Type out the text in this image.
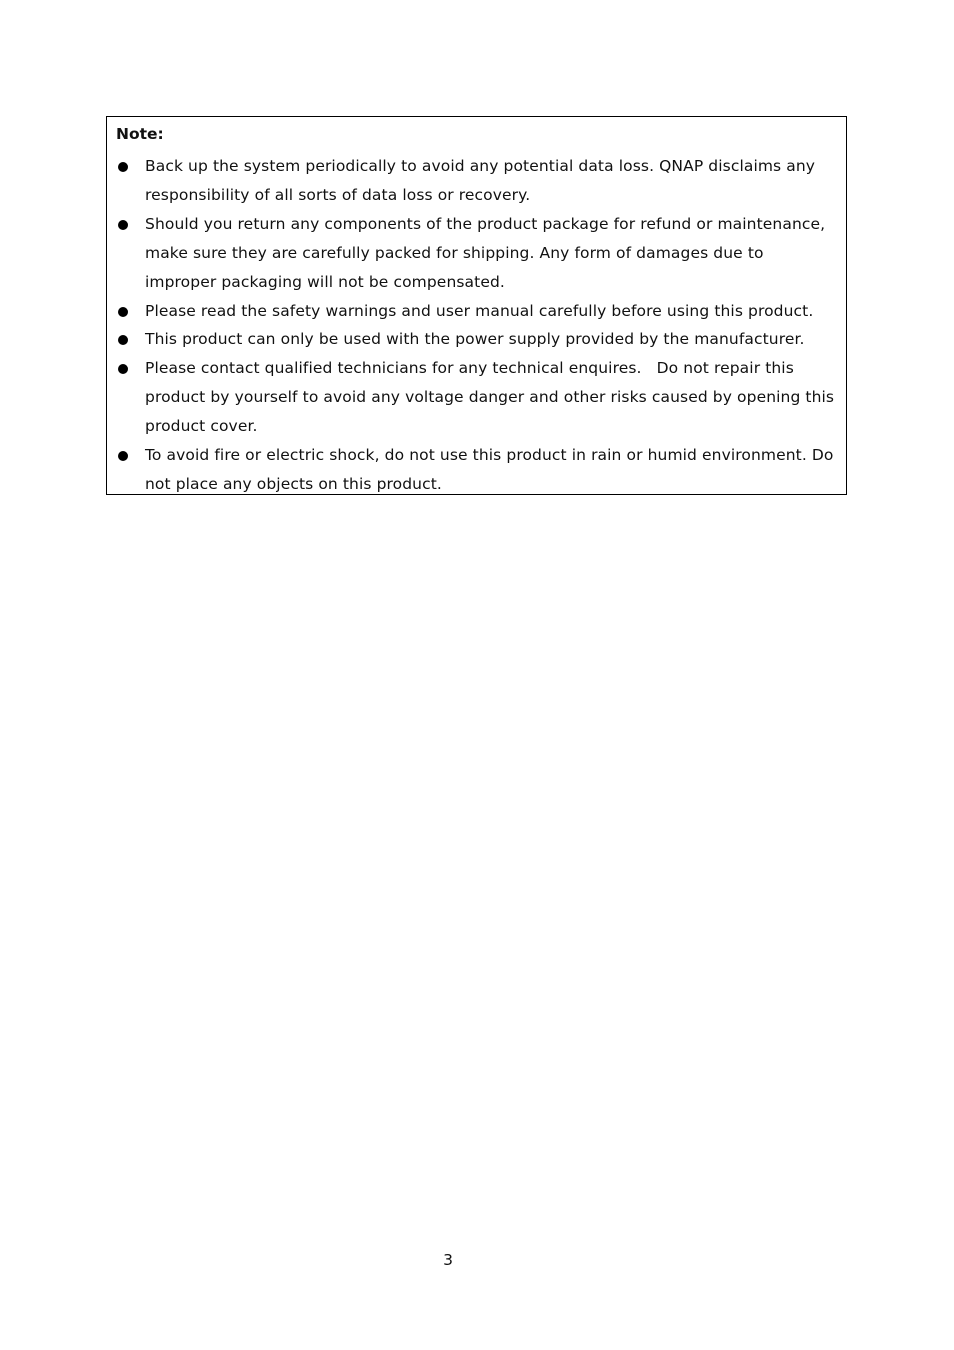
Note:
Back up the system periodically to avoid any potential data loss. QNAP disclaims any responsibility of all sorts of data loss or recovery.
Should you return any components of the product package for refund or maintenance, make sure they are carefully packed for shipping. Any form of damages due to improper packaging will not be compensated.
Please read the safety warnings and user manual carefully before using this product.
This product can only be used with the power supply provided by the manufacturer.
Please contact qualified technicians for any technical enquires.   Do not repair this product by yourself to avoid any voltage danger and other risks caused by opening this product cover.
To avoid fire or electric shock, do not use this product in rain or humid environment. Do not place any objects on this product.
3
